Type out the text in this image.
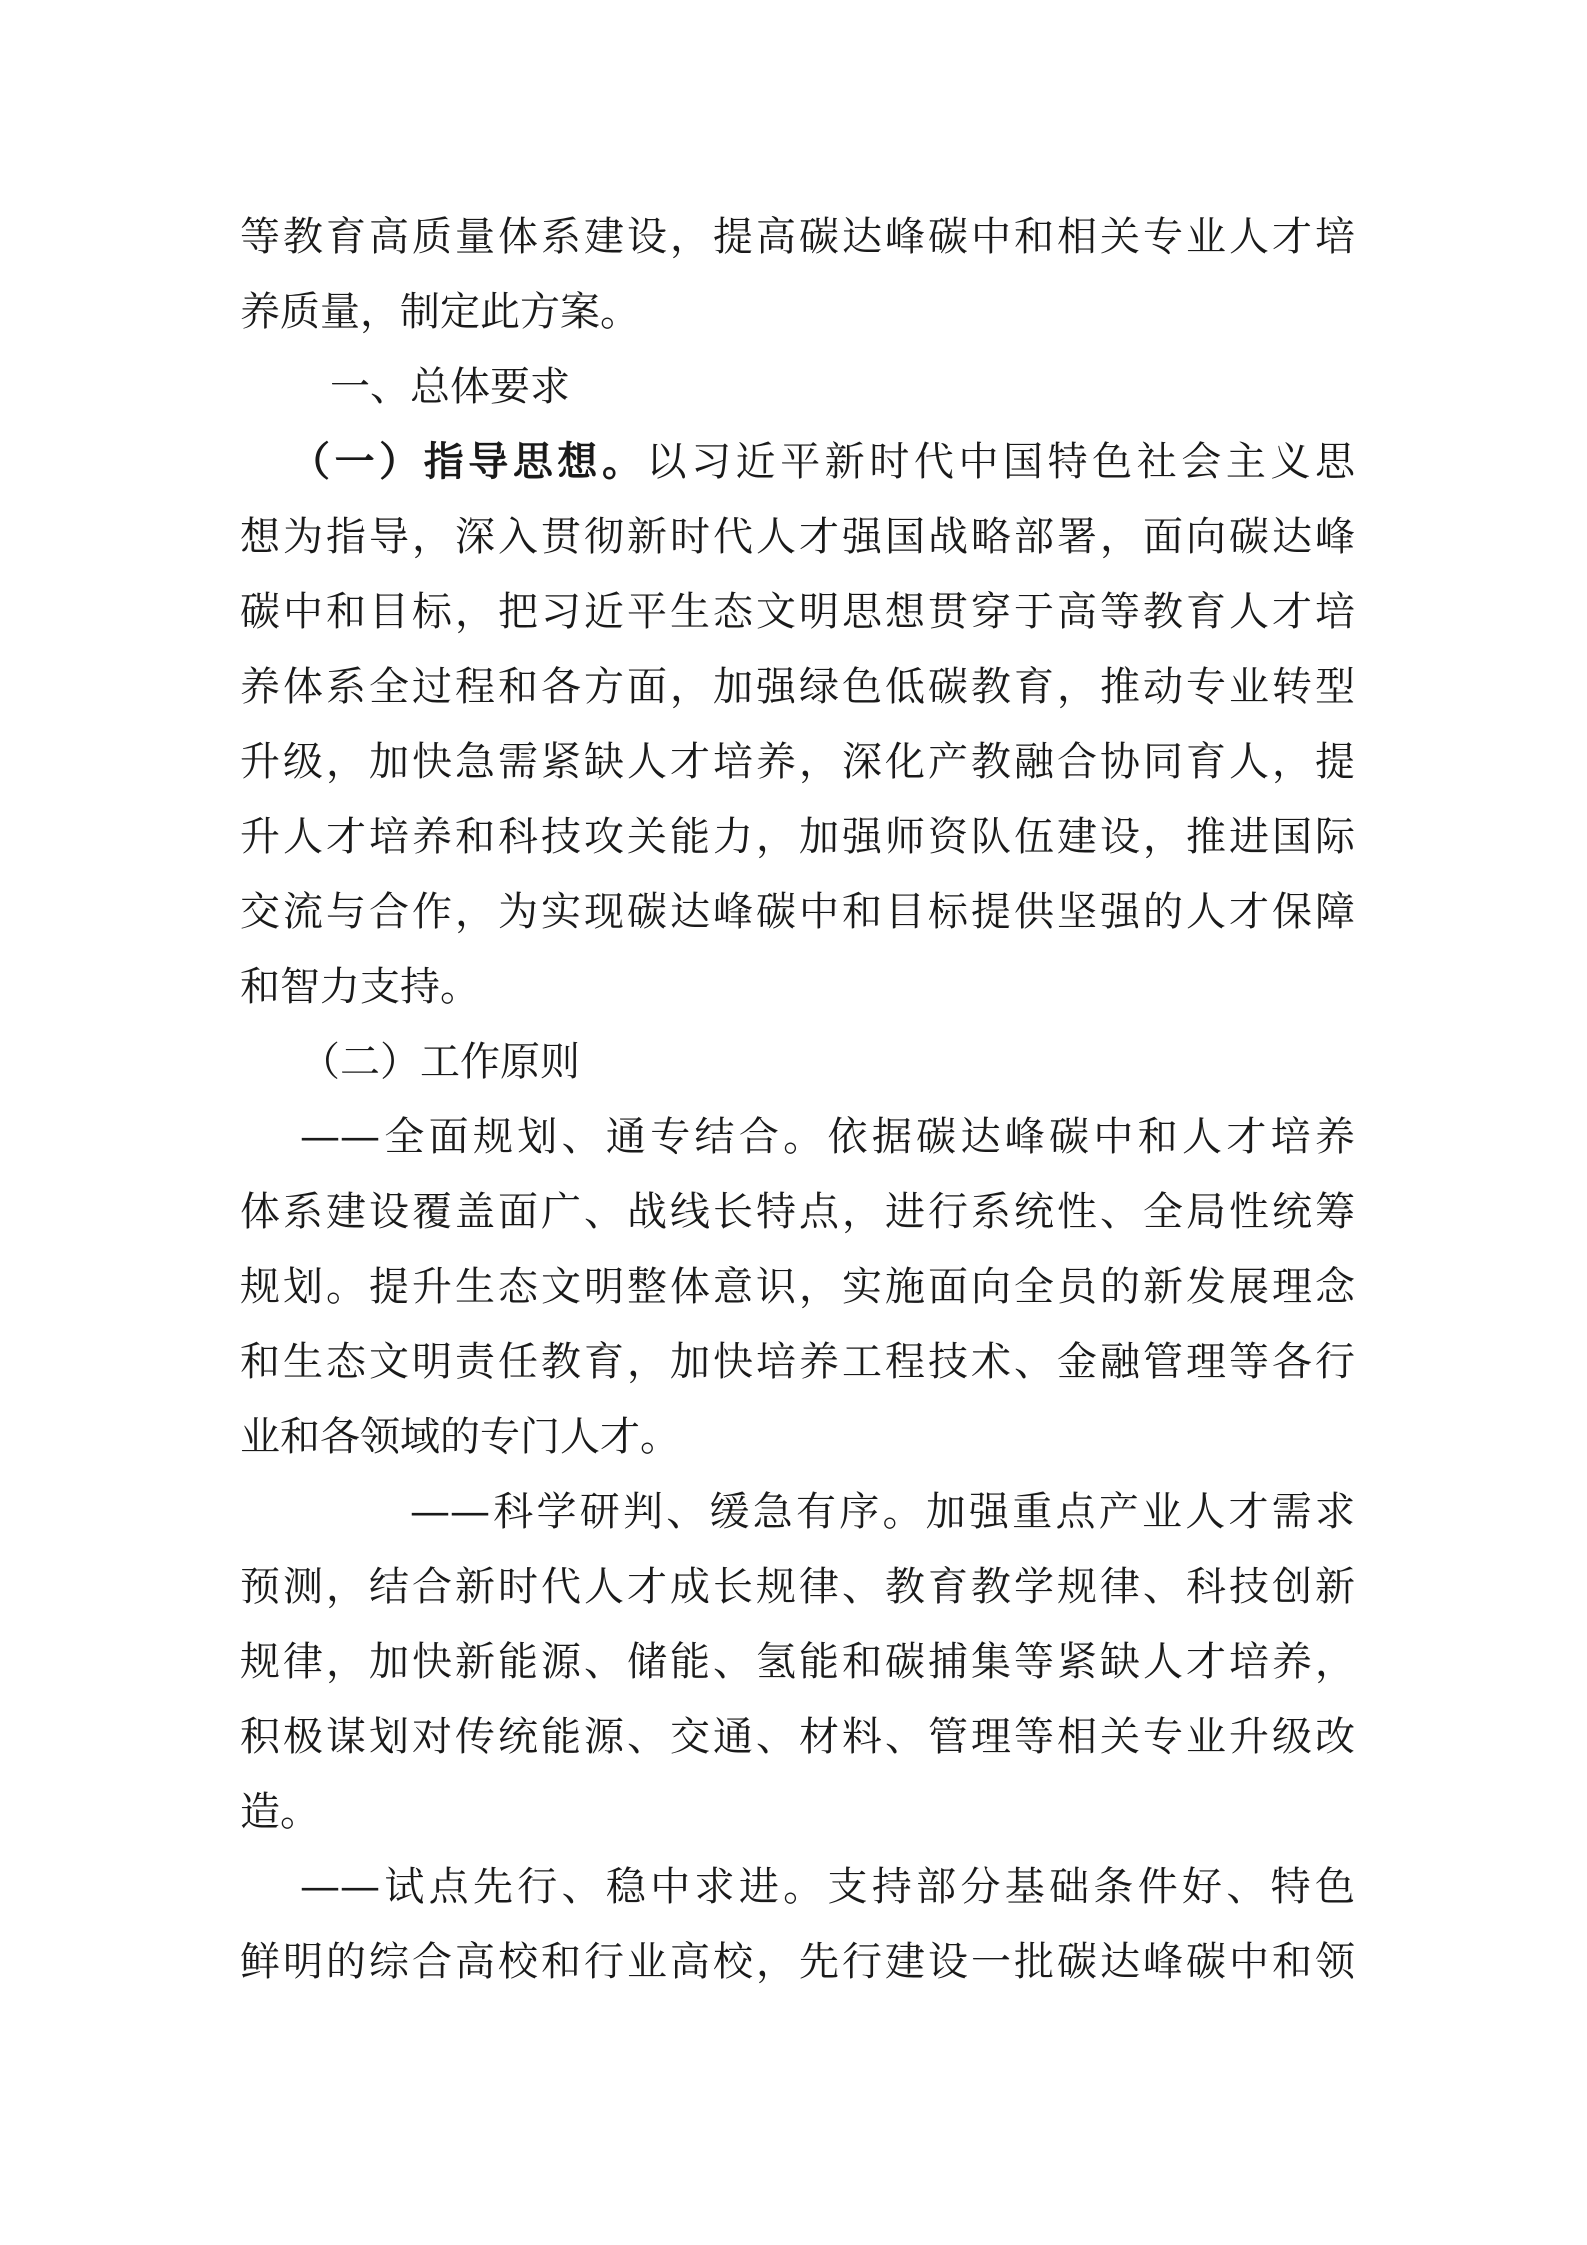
等教育高质量体系建设，提高碳达峰碳中和相关专业人才培
养质量，制定此方案。
一、总体要求
（一）指导思想。以习近平新时代中国特色社会主义思
想为指导，深入贯彻新时代人才强国战略部署，面向碳达峰
碳中和目标，把习近平生态文明思想贯穿于高等教育人才培
养体系全过程和各方面，加强绿色低碳教育，推动专业转型
升级，加快急需紧缺人才培养，深化产教融合协同育人，提
升人才培养和科技攻关能力，加强师资队伍建设，推进国际
交流与合作，为实现碳达峰碳中和目标提供坚强的人才保障
和智力支持。
（二）工作原则
——全面规划、通专结合。依据碳达峰碳中和人才培养
体系建设覆盖面广、战线长特点，进行系统性、全局性统筹
规划。提升生态文明整体意识，实施面向全员的新发展理念
和生态文明责任教育，加快培养工程技术、金融管理等各行
业和各领域的专门人才。
——科学研判、缓急有序。加强重点产业人才需求
预测，结合新时代人才成长规律、教育教学规律、科技创新
规律，加快新能源、储能、氢能和碳捕集等紧缺人才培养，
积极谋划对传统能源、交通、材料、管理等相关专业升级改
造。
——试点先行、稳中求进。支持部分基础条件好、特色
鲜明的综合高校和行业高校，先行建设一批碳达峰碳中和领
